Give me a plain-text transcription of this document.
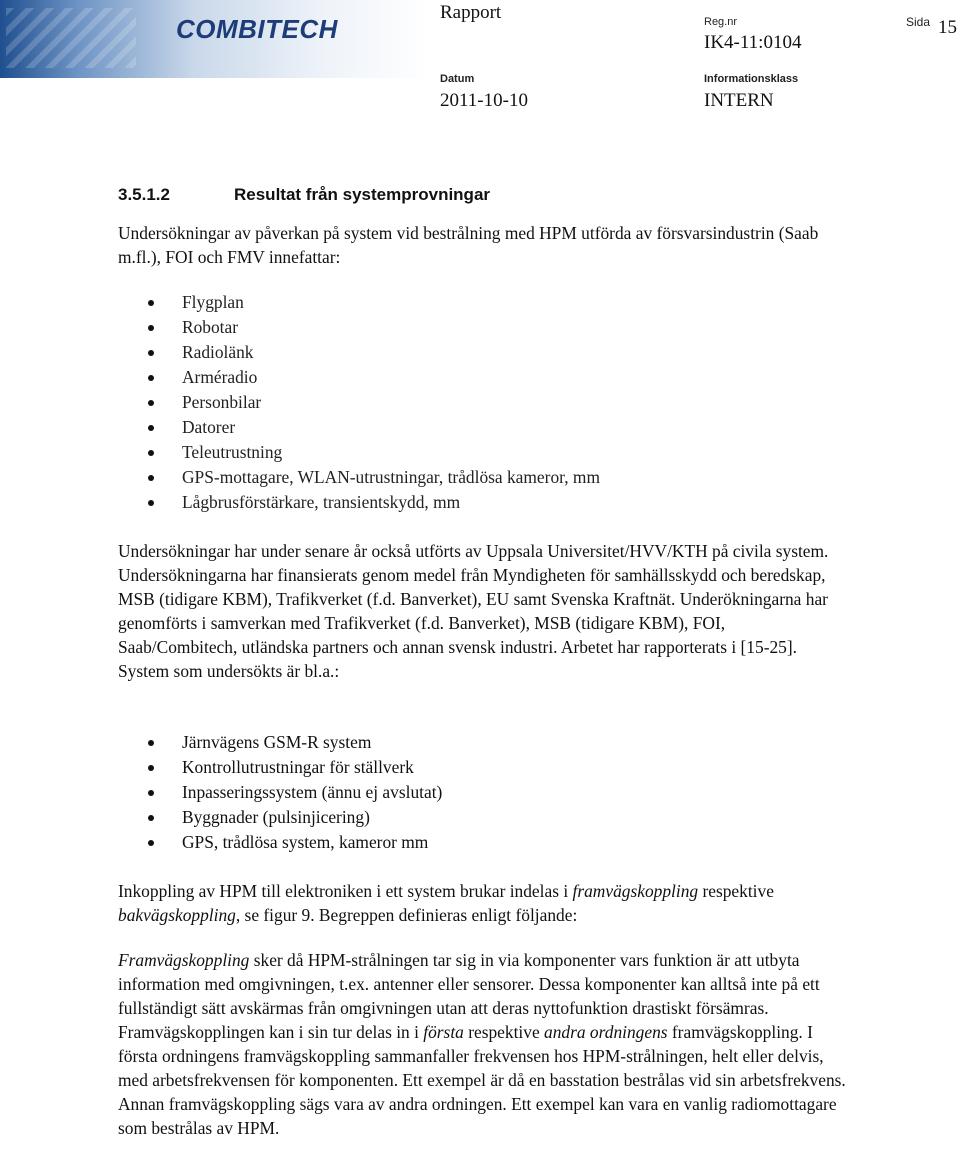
COMBITECH
Rapport	Reg.nr
IK4-11:0104
Sida 15
Datum
2011-10-10
Informationsklass
INTERN
3.5.1.2	Resultat från systemprovningar

Undersökningar av påverkan på system vid bestrålning med HPM utförda av försvarsindustrin (Saab m.fl.), FOI och FMV innefattar:

Flygplan
Robotar
Radiolänk
Arméradio
Personbilar
Datorer
Teleutrustning
GPS-mottagare, WLAN-utrustningar, trådlösa kameror, mm
Lågbrusförstärkare, transientskydd, mm

Undersökningar har under senare år också utförts av Uppsala Universitet/HVV/KTH på civila system. Undersökningarna har finansierats genom medel från Myndigheten för samhällsskydd och beredskap, MSB (tidigare KBM), Trafikverket (f.d. Banverket), EU samt Svenska Kraftnät. Underökningarna har genomförts i samverkan med Trafikverket (f.d. Banverket), MSB (tidigare KBM), FOI, Saab/Combitech, utländska partners och annan svensk industri. Arbetet har rapporterats i [15-25]. System som undersökts är bl.a.:

Järnvägens GSM-R system
Kontrollutrustningar för ställverk
Inpasseringssystem (ännu ej avslutat)
Byggnader (pulsinjicering)
GPS, trådlösa system, kameror mm

Inkoppling av HPM till elektroniken i ett system brukar indelas i framvägskoppling respektive bakvägskoppling, se figur 9. Begreppen definieras enligt följande:

Framvägskoppling sker då HPM-strålningen tar sig in via komponenter vars funktion är att utbyta information med omgivningen, t.ex. antenner eller sensorer. Dessa komponenter kan alltså inte på ett fullständigt sätt avskärmas från omgivningen utan att deras nyttofunktion drastiskt försämras. Framvägskopplingen kan i sin tur delas in i första respektive andra ordningens framvägskoppling. I första ordningens framvägskoppling sammanfaller frekvensen hos HPM-strålningen, helt eller delvis, med arbetsfrekvensen för komponenten. Ett exempel är då en basstation bestrålas vid sin arbetsfrekvens. Annan framvägskoppling sägs vara av andra ordningen. Ett exempel kan vara en vanlig radiomottagare som bestrålas av HPM.
